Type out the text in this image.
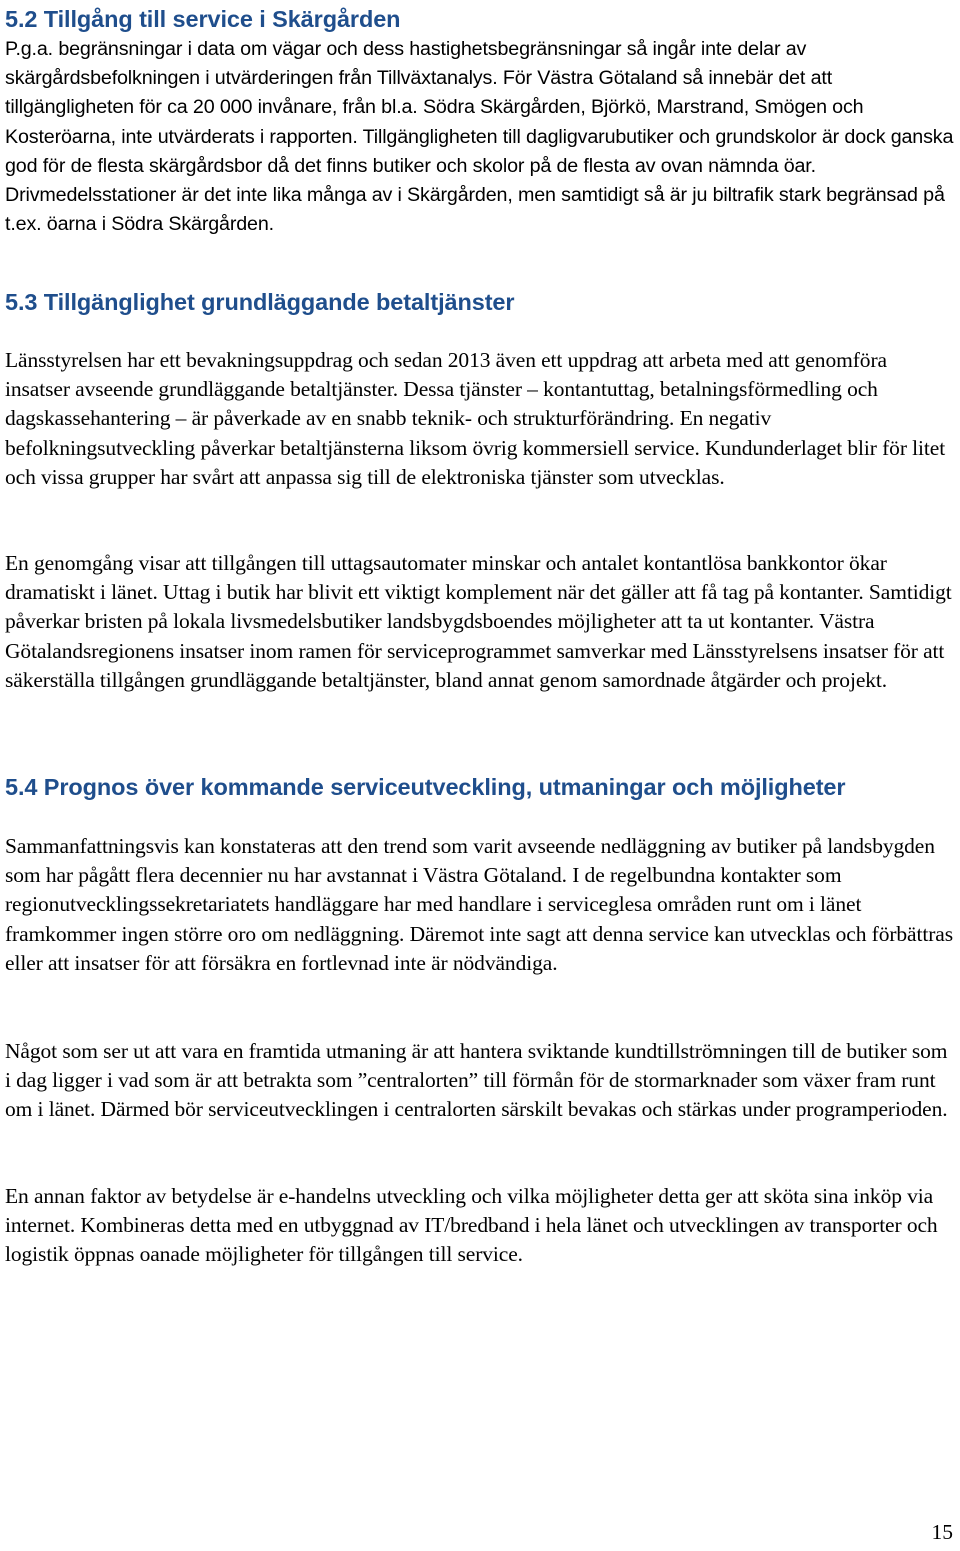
5.2 Tillgång till service i Skärgården

P.g.a. begränsningar i data om vägar och dess hastighetsbegränsningar så ingår inte delar av skärgårdsbefolkningen i utvärderingen från Tillväxtanalys. För Västra Götaland så innebär det att tillgängligheten för ca 20 000 invånare, från bl.a. Södra Skärgården, Björkö, Marstrand, Smögen och Kosteröarna, inte utvärderats i rapporten. Tillgängligheten till dagligvarubutiker och grundskolor är dock ganska god för de flesta skärgårdsbor då det finns butiker och skolor på de flesta av ovan nämnda öar. Drivmedelsstationer är det inte lika många av i Skärgården, men samtidigt så är ju biltrafik stark begränsad på t.ex. öarna i Södra Skärgården.

5.3 Tillgänglighet grundläggande betaltjänster

Länsstyrelsen har ett bevakningsuppdrag och sedan 2013 även ett uppdrag att arbeta med att genomföra insatser avseende grundläggande betaltjänster. Dessa tjänster – kontantuttag, betalningsförmedling och dagskassehantering – är påverkade av en snabb teknik- och strukturförändring. En negativ befolkningsutveckling påverkar betaltjänsterna liksom övrig kommersiell service. Kundunderlaget blir för litet och vissa grupper har svårt att anpassa sig till de elektroniska tjänster som utvecklas.

En genomgång visar att tillgången till uttagsautomater minskar och antalet kontantlösa bankkontor ökar dramatiskt i länet. Uttag i butik har blivit ett viktigt komplement när det gäller att få tag på kontanter. Samtidigt påverkar bristen på lokala livsmedelsbutiker landsbygdsboendes möjligheter att ta ut kontanter. Västra Götalandsregionens insatser inom ramen för serviceprogrammet samverkar med Länsstyrelsens insatser för att säkerställa tillgången grundläggande betaltjänster, bland annat genom samordnade åtgärder och projekt.

5.4 Prognos över kommande serviceutveckling, utmaningar och möjligheter

Sammanfattningsvis kan konstateras att den trend som varit avseende nedläggning av butiker på landsbygden som har pågått flera decennier nu har avstannat i Västra Götaland. I de regelbundna kontakter som regionutvecklingssekretariatets handläggare har med handlare i serviceglesa områden runt om i länet framkommer ingen större oro om nedläggning. Däremot inte sagt att denna service kan utvecklas och förbättras eller att insatser för att försäkra en fortlevnad inte är nödvändiga.

Något som ser ut att vara en framtida utmaning är att hantera sviktande kundtillströmningen till de butiker som i dag ligger i vad som är att betrakta som ”centralorten” till förmån för de stormarknader som växer fram runt om i länet. Därmed bör serviceutvecklingen i centralorten särskilt bevakas och stärkas under programperioden.

En annan faktor av betydelse är e-handelns utveckling och vilka möjligheter detta ger att sköta sina inköp via internet. Kombineras detta med en utbyggnad av IT/bredband i hela länet och utvecklingen av transporter och logistik öppnas oanade möjligheter för tillgången till service.

15
